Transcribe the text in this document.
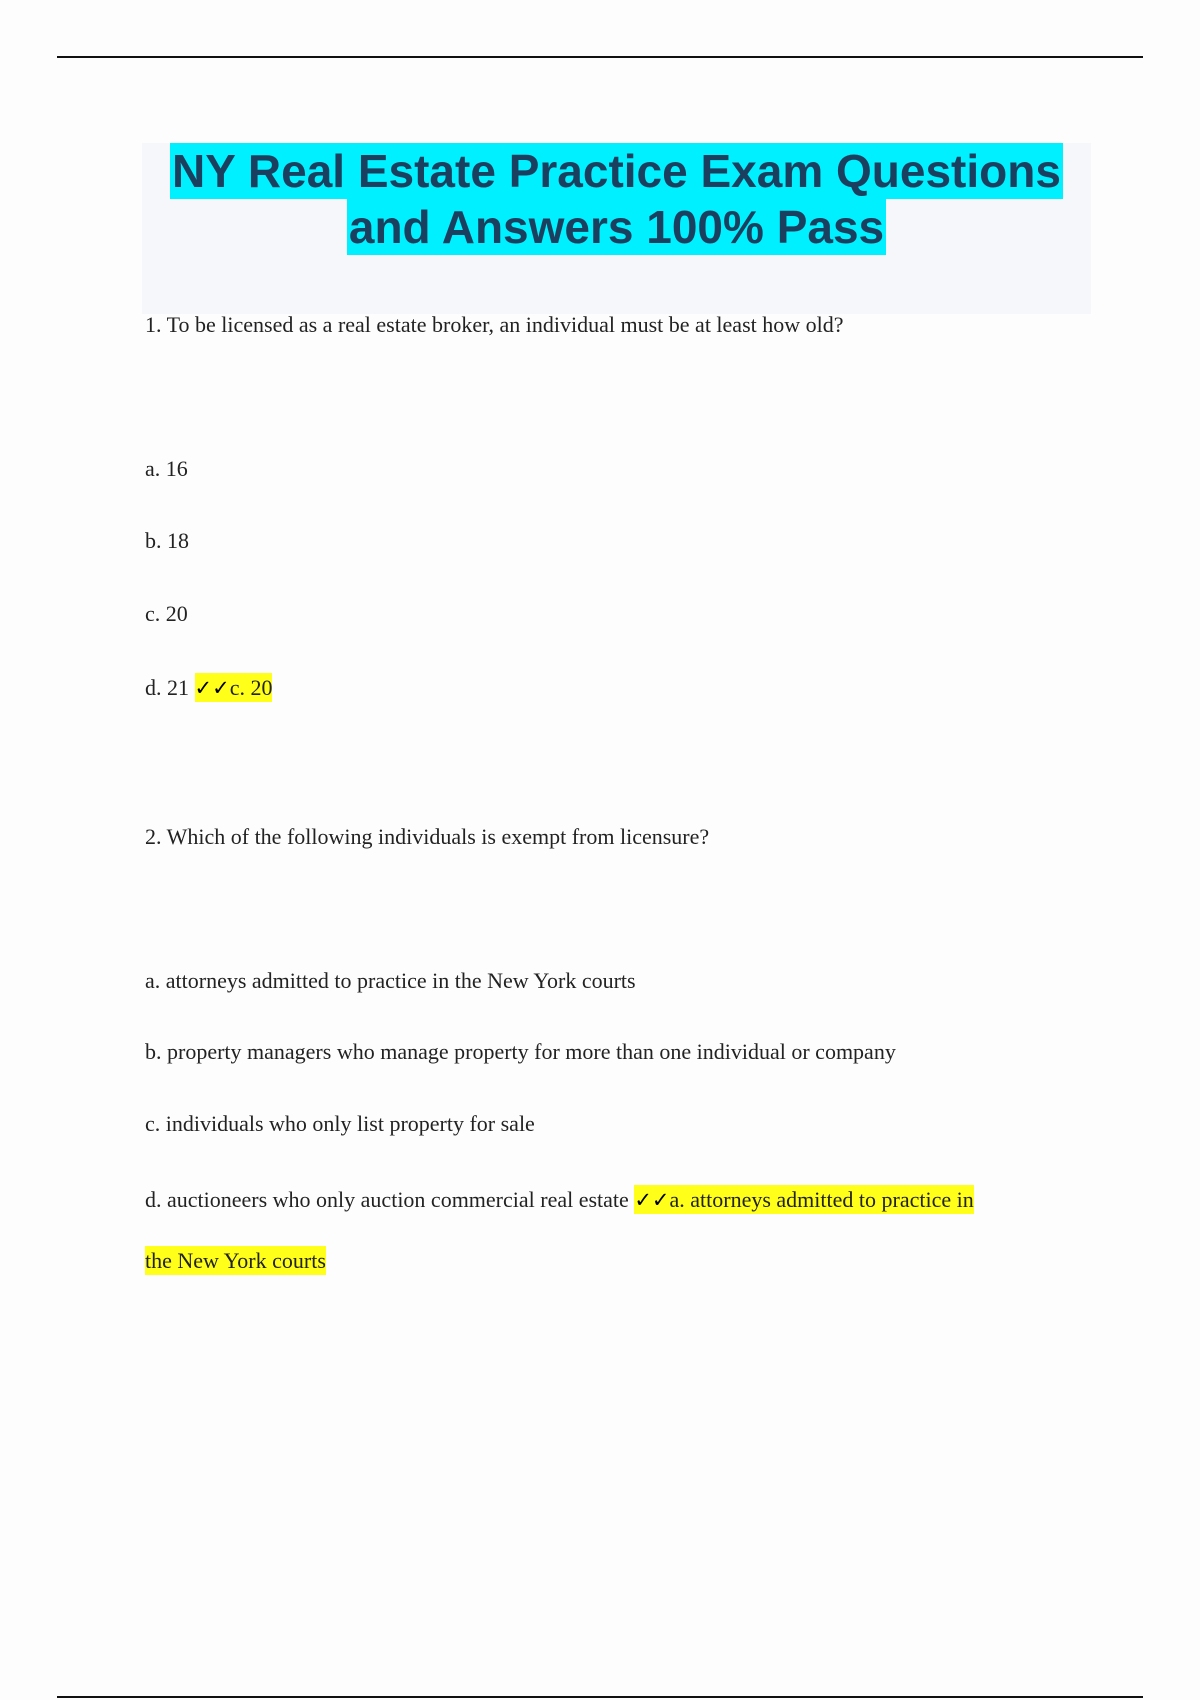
NY Real Estate Practice Exam Questions
and Answers 100% Pass
1. To be licensed as a real estate broker, an individual must be at least how old?
a. 16
b. 18
c. 20
d. 21 ✓✓c. 20
2. Which of the following individuals is exempt from licensure?
a. attorneys admitted to practice in the New York courts
b. property managers who manage property for more than one individual or company
c. individuals who only list property for sale
d. auctioneers who only auction commercial real estate ✓✓a. attorneys admitted to practice in
the New York courts
